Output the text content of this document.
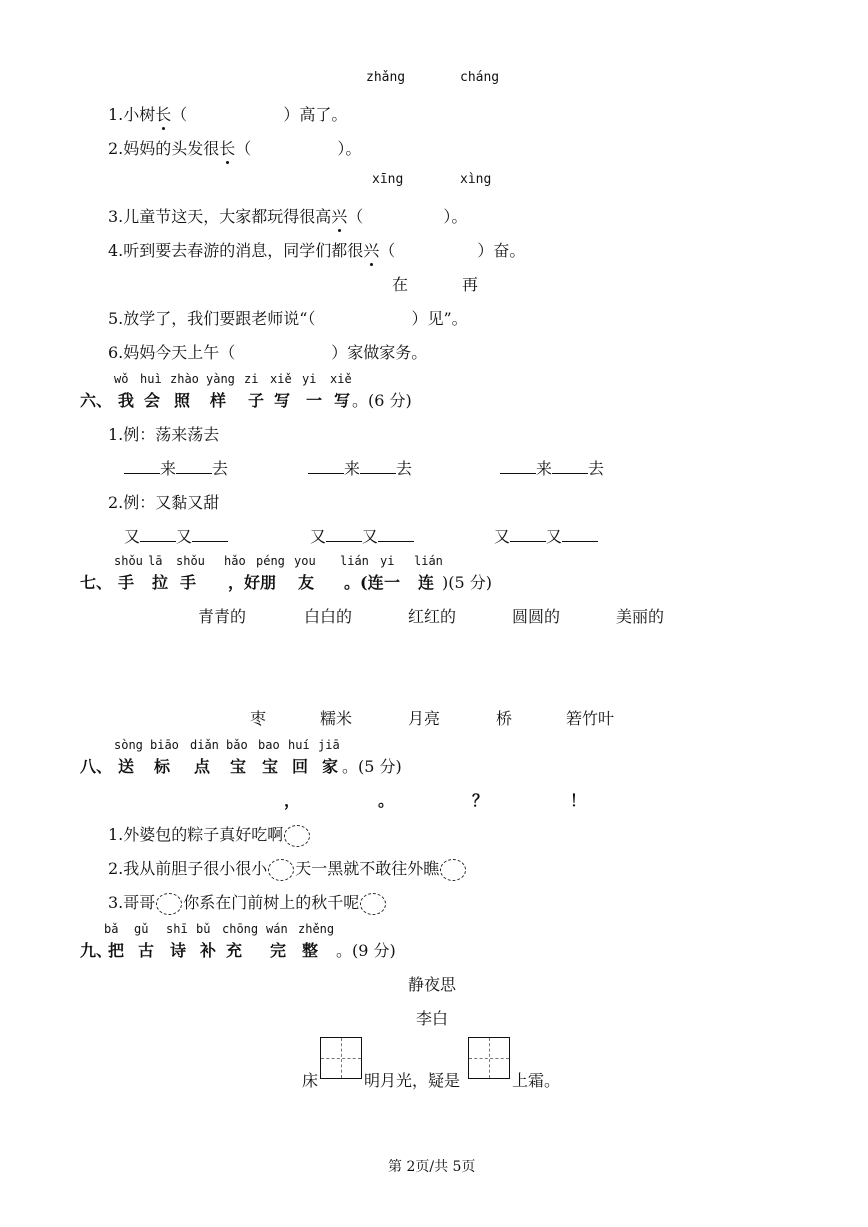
zhǎng	cháng
1.小树长（	）高了。
2.妈妈的头发很长（	）。
xīng	xìng
3.儿童节这天，大家都玩得很高兴（	）。
4.听到要去春游的消息，同学们都很兴（	）奋。
在	再
5.放学了，我们要跟老师说“（	）见”。
6.妈妈今天上午（	）家做家务。
六、
wǒ
我
huì
会
zhào
照
yàng
样
zi
子
xiě
写
yi
一
xiě
写 。(6 分)
1.例：荡来荡去
来 去	来 去	来 去
2.例：又黏又甜
又 又	又 又	又 又
七、
shǒu
手
lā
拉
shǒu
手
hǎo
，好
péng
朋
you
友
lián
。(连
yi
一
lián
连 )(5 分)
青青的	白白的	红红的	圆圆的	美丽的
枣	糯米	月亮	桥	箬竹叶
八、
sòng
送
biāo
标
diǎn
点
bǎo
宝
bao
宝
huí
回
jiā
家 。(5 分)
，	。	？	！
1.外婆包的粽子真好吃啊
2.我从前胆子很小很小 天一黑就不敢往外瞧
3.哥哥 你系在门前树上的秋千呢
九、
bǎ
把
gǔ
古
shī
诗
bǔ
补
chōng
充
wán
完
zhěng
整 。(9 分)
静夜思
李白
床	明月光，疑是	上霜。
第 2页/共 5页
